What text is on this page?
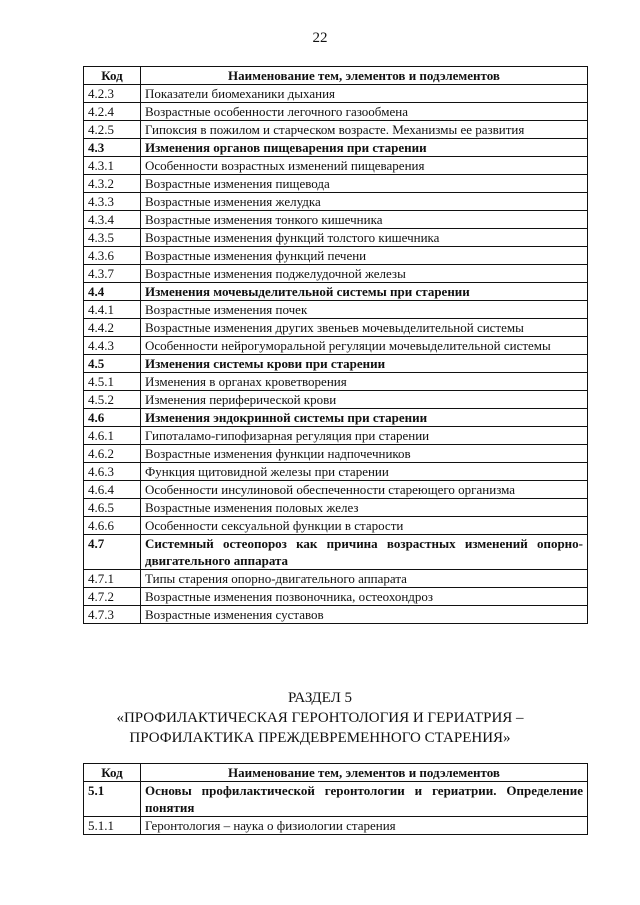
22
Код	Наименование тем, элементов и подэлементов
4.2.3	Показатели биомеханики дыхания
4.2.4	Возрастные особенности легочного газообмена
4.2.5	Гипоксия в пожилом и старческом возрасте. Механизмы ее развития
4.3	Изменения органов пищеварения при старении
4.3.1	Особенности возрастных изменений пищеварения
4.3.2	Возрастные изменения пищевода
4.3.3	Возрастные изменения желудка
4.3.4	Возрастные изменения тонкого кишечника
4.3.5	Возрастные изменения функций толстого кишечника
4.3.6	Возрастные изменения функций печени
4.3.7	Возрастные изменения поджелудочной железы
4.4	Изменения мочевыделительной системы при старении
4.4.1	Возрастные изменения почек
4.4.2	Возрастные изменения других звеньев мочевыделительной системы
4.4.3	Особенности нейрогуморальной регуляции мочевыделительной системы
4.5	Изменения системы крови при старении
4.5.1	Изменения в органах кроветворения
4.5.2	Изменения периферической крови
4.6	Изменения эндокринной системы при старении
4.6.1	Гипоталамо-гипофизарная регуляция при старении
4.6.2	Возрастные изменения функции надпочечников
4.6.3	Функция щитовидной железы при старении
4.6.4	Особенности инсулиновой обеспеченности стареющего организма
4.6.5	Возрастные изменения половых желез
4.6.6	Особенности сексуальной функции в старости
4.7	Системный остеопороз как причина возрастных изменений опорно-двигательного аппарата
4.7.1	Типы старения опорно-двигательного аппарата
4.7.2	Возрастные изменения позвоночника, остеохондроз
4.7.3	Возрастные изменения суставов
РАЗДЕЛ 5
«ПРОФИЛАКТИЧЕСКАЯ ГЕРОНТОЛОГИЯ И ГЕРИАТРИЯ –
ПРОФИЛАКТИКА ПРЕЖДЕВРЕМЕННОГО СТАРЕНИЯ»
Код	Наименование тем, элементов и подэлементов
5.1	Основы профилактической геронтологии и гериатрии. Определение понятия
5.1.1	Геронтология – наука о физиологии старения
